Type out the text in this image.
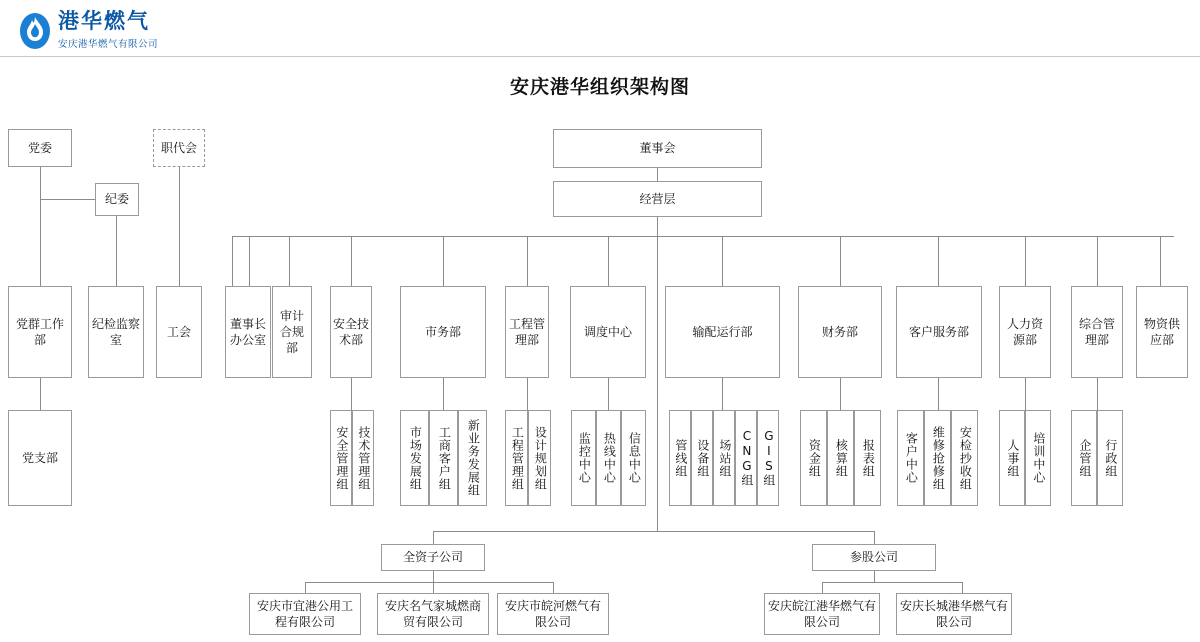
港华燃气
安庆港华燃气有限公司
安庆港华组织架构图
董事会
经营层
党委
纪委
职代会
党群工作部
纪检监察室
工会
董事长办公室
审计合规部
安全技术部
市务部
工程管理部
调度中心	输配运行部	财务部	客户服务部
人力资源部
综合管理部
物资供应部
党支部	安全管理组 技术管理组	市场发展组	工商客户组	新业务发展组	工程管理组 设计规划组	监控中心 热线中心 信息中心	管线组 设备组 场站组 CNG组 GIS组	资金组	核算组	报表组	客户中心	维修抢修组	安检抄收组	人事组	培训中心	企管组	行政组
全资子公司	参股公司
安庆市宜港公用工程有限公司
安庆名气家城燃商贸有限公司
安庆市皖河燃气有限公司
安庆皖江港华燃气有限公司
安庆长城港华燃气有限公司
